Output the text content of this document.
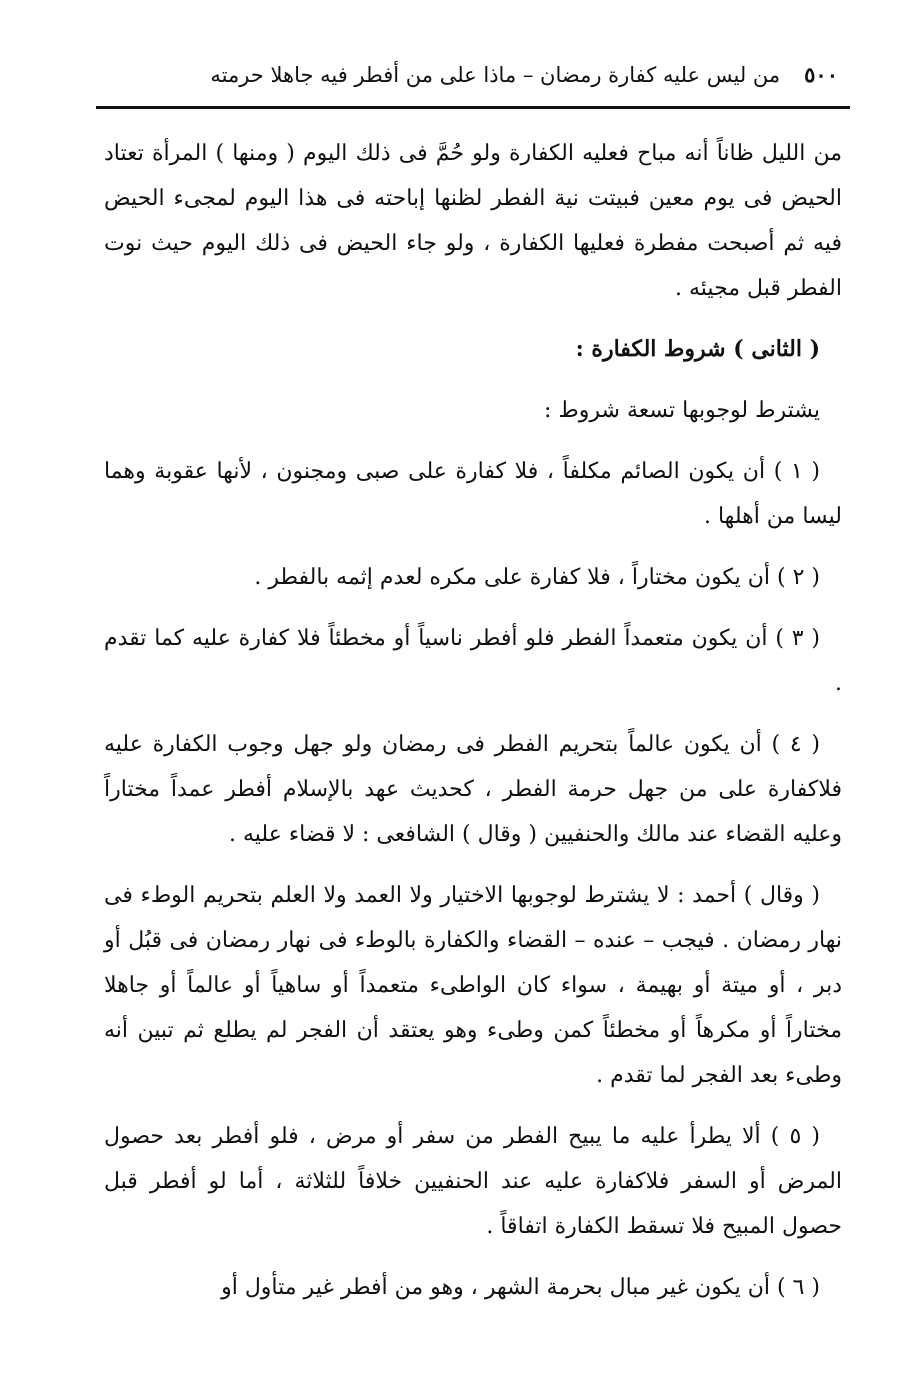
٥٠٠
من ليس عليه كفارة رمضان – ماذا على من أفطر فيه جاهلا حرمته

من الليل ظاناً أنه مباح فعليه الكفارة ولو حُمَّ فى ذلك اليوم ( ومنها ) المرأة تعتاد الحيض فى يوم معين فبيتت نية الفطر لظنها إباحته فى هذا اليوم لمجىء الحيض فيه ثم أصبحت مفطرة فعليها الكفارة ، ولو جاء الحيض فى ذلك اليوم حيث نوت الفطر قبل مجيئه .

( الثانى ) شروط الكفارة :

يشترط لوجوبها تسعة شروط :

( ١ ) أن يكون الصائم مكلفاً ، فلا كفارة على صبى ومجنون ، لأنها عقوبة وهما ليسا من أهلها .

( ٢ ) أن يكون مختاراً ، فلا كفارة على مكره لعدم إثمه بالفطر .

( ٣ ) أن يكون متعمداً الفطر فلو أفطر ناسياً أو مخطئاً فلا كفارة عليه كما تقدم .

( ٤ ) أن يكون عالماً بتحريم الفطر فى رمضان ولو جهل وجوب الكفارة عليه فلاكفارة على من جهل حرمة الفطر ، كحديث عهد بالإسلام أفطر عمداً مختاراً وعليه القضاء عند مالك والحنفيين ( وقال ) الشافعى : لا قضاء عليه .

( وقال ) أحمد : لا يشترط لوجوبها الاختيار ولا العمد ولا العلم بتحريم الوطء فى نهار رمضان . فيجب – عنده – القضاء والكفارة بالوطء فى نهار رمضان فى قبُل أو دبر ، أو ميتة أو بهيمة ، سواء كان الواطىء متعمداً أو ساهياً أو عالماً أو جاهلا مختاراً أو مكرهاً أو مخطئاً كمن وطىء وهو يعتقد أن الفجر لم يطلع ثم تبين أنه وطىء بعد الفجر لما تقدم .

( ٥ ) ألا يطرأ عليه ما يبيح الفطر من سفر أو مرض ، فلو أفطر بعد حصول المرض أو السفر فلاكفارة عليه عند الحنفيين خلافاً للثلاثة ، أما لو أفطر قبل حصول المبيح فلا تسقط الكفارة اتفاقاً .

( ٦ ) أن يكون غير مبال بحرمة الشهر ، وهو من أفطر غير متأول أو
